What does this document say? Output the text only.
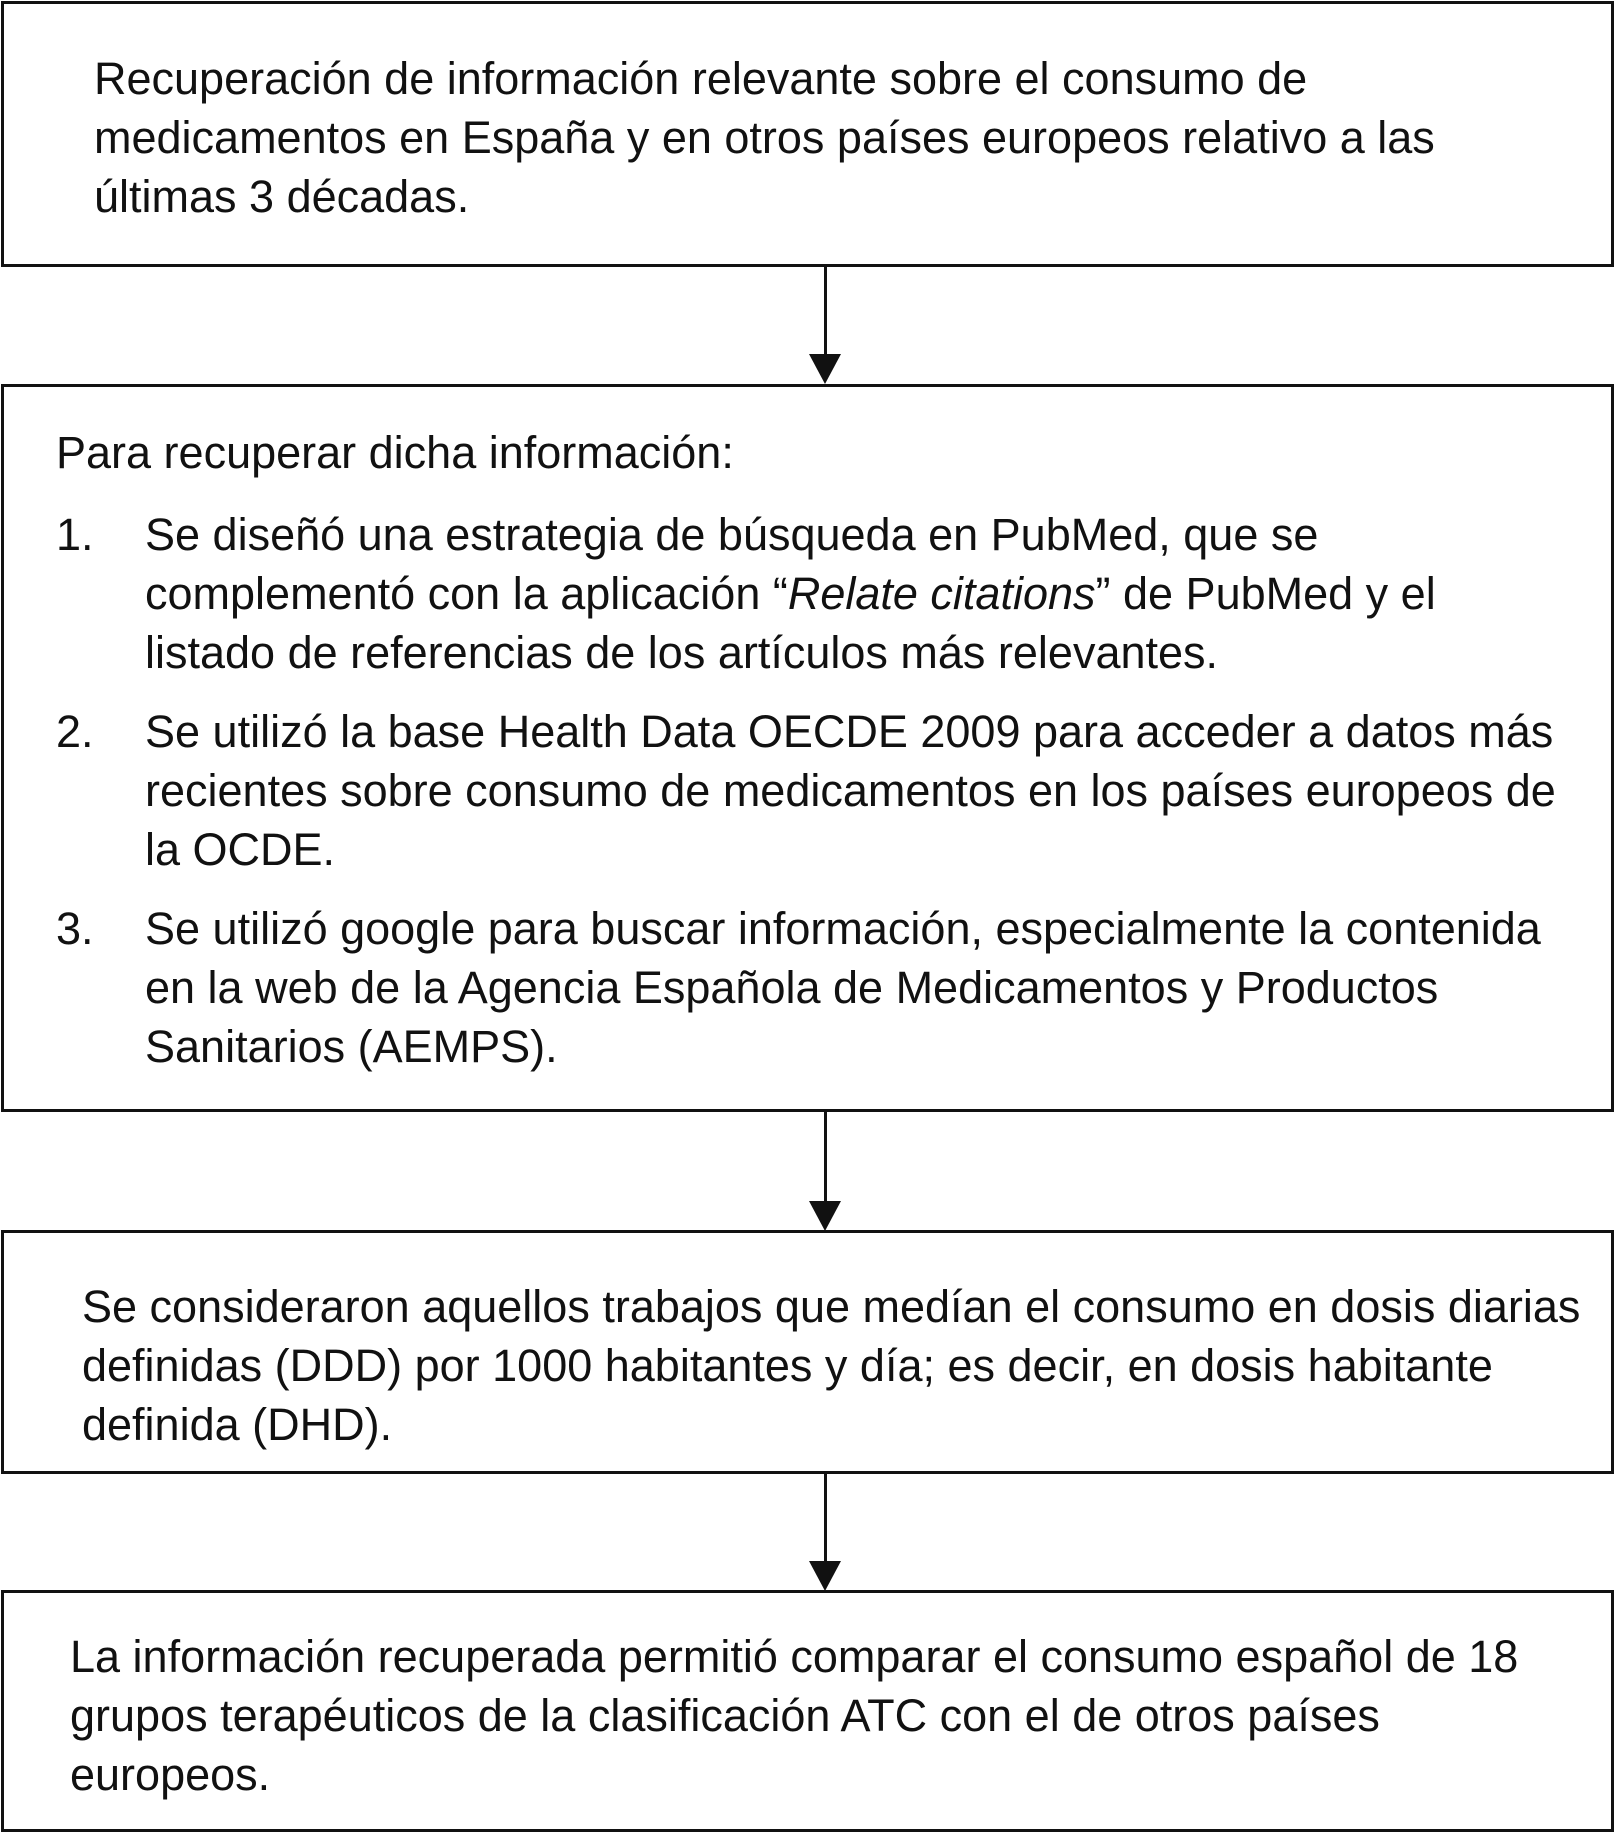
Recuperación de información relevante sobre el consumo de medicamentos en España y en otros países europeos relativo a las últimas 3 décadas.

Para recuperar dicha información:

1. Se diseñó una estrategia de búsqueda en PubMed, que se complementó con la aplicación “Relate citations” de PubMed y el listado de referencias de los artículos más relevantes.
2. Se utilizó la base Health Data OECDE 2009 para acceder a datos más recientes sobre consumo de medicamentos en los países europeos de la OCDE.
3. Se utilizó google para buscar información, especialmente la contenida en la web de la Agencia Española de Medicamentos y Productos Sanitarios (AEMPS).

Se consideraron aquellos trabajos que medían el consumo en dosis diarias definidas (DDD) por 1000 habitantes y día; es decir, en dosis habitante definida (DHD).

La información recuperada permitió comparar el consumo español de 18 grupos terapéuticos de la clasificación ATC con el de otros países europeos.
